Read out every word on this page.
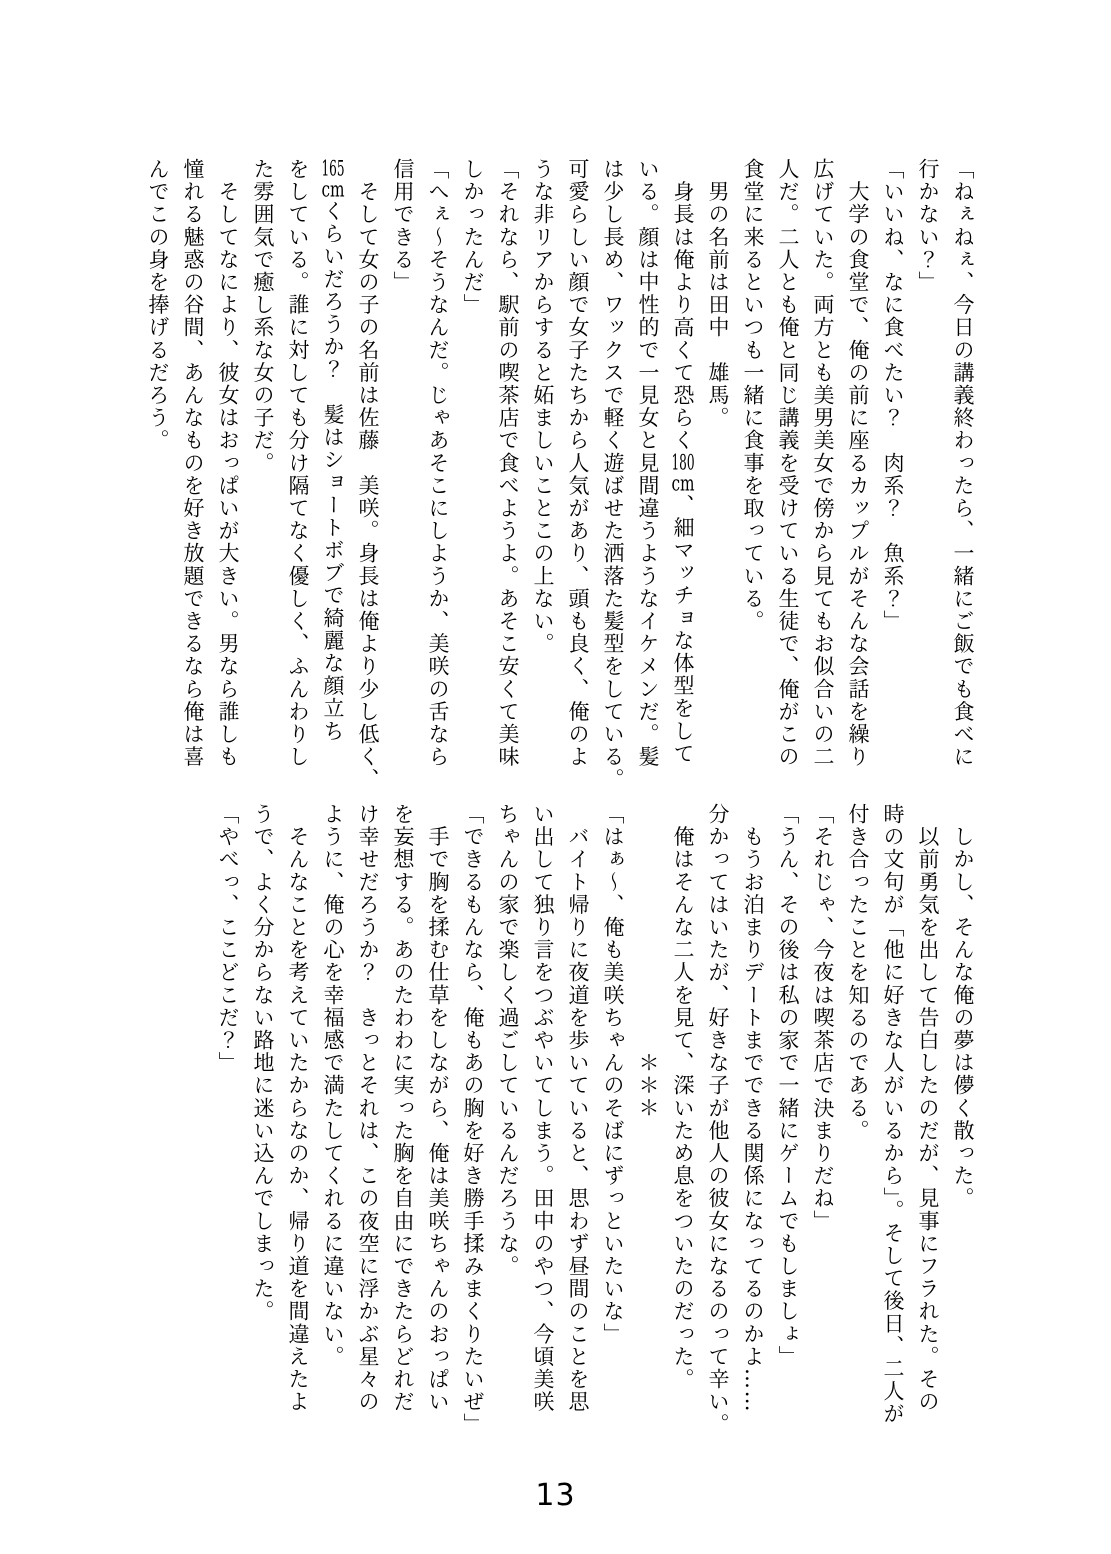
「ねぇねぇ、今日の講義終わったら、一緒にご飯でも食べに
行かない？」
「いいね、なに食べたい？　肉系？　魚系？」
　大学の食堂で、俺の前に座るカップルがそんな会話を繰り
広げていた。両方とも美男美女で傍から見てもお似合いの二
人だ。二人とも俺と同じ講義を受けている生徒で、俺がこの
食堂に来るといつも一緒に食事を取っている。
　男の名前は田中　雄馬。
　身長は俺より高くて恐らく180cm、細マッチョな体型をして
いる。顔は中性的で一見女と見間違うようなイケメンだ。髪
は少し長め、ワックスで軽く遊ばせた洒落た髪型をしている。
可愛らしい顔で女子たちから人気があり、頭も良く、俺のよ
うな非リアからすると妬ましいことこの上ない。
「それなら、駅前の喫茶店で食べようよ。あそこ安くて美味
しかったんだ」
「へぇ～そうなんだ。じゃあそこにしようか、美咲の舌なら
信用できる」
　そして女の子の名前は佐藤　美咲。身長は俺より少し低く、
165cmくらいだろうか？　髪はショートボブで綺麗な顔立ち
をしている。誰に対しても分け隔てなく優しく、ふんわりし
た雰囲気で癒し系な女の子だ。
　そしてなにより、彼女はおっぱいが大きい。男なら誰しも
憧れる魅惑の谷間、あんなものを好き放題できるなら俺は喜
んでこの身を捧げるだろう。
　しかし、そんな俺の夢は儚く散った。
　以前勇気を出して告白したのだが、見事にフラれた。その
時の文句が「他に好きな人がいるから」。そして後日、二人が
付き合ったことを知るのである。
「それじゃ、今夜は喫茶店で決まりだね」
「うん、その後は私の家で一緒にゲームでもしましょ」
　もうお泊まりデートまでできる関係になってるのかよ……
分かってはいたが、好きな子が他人の彼女になるのって辛い。
　俺はそんな二人を見て、深いため息をついたのだった。
　　　　　　　　　　　＊＊＊
「はぁ～、俺も美咲ちゃんのそばにずっといたいな」
　バイト帰りに夜道を歩いていると、思わず昼間のことを思
い出して独り言をつぶやいてしまう。田中のやつ、今頃美咲
ちゃんの家で楽しく過ごしているんだろうな。
「できるもんなら、俺もあの胸を好き勝手揉みまくりたいぜ」
　手で胸を揉む仕草をしながら、俺は美咲ちゃんのおっぱい
を妄想する。あのたわわに実った胸を自由にできたらどれだ
け幸せだろうか？　きっとそれは、この夜空に浮かぶ星々の
ように、俺の心を幸福感で満たしてくれるに違いない。
　そんなことを考えていたからなのか、帰り道を間違えたよ
うで、よく分からない路地に迷い込んでしまった。
「やべっ、ここどこだ？」
13
